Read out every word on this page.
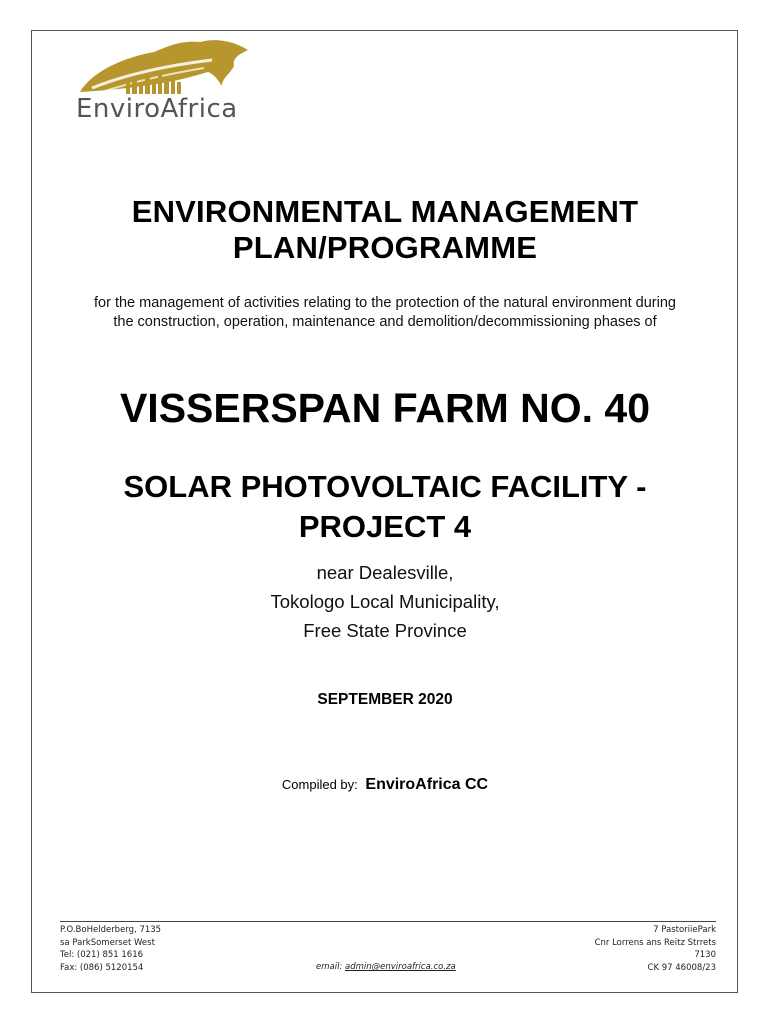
EnviroAfrica
ENVIRONMENTAL MANAGEMENT
PLAN/PROGRAMME
for the management of activities relating to the protection of the natural environment during
the construction, operation, maintenance and demolition/decommissioning phases of
VISSERSPAN FARM NO. 40
SOLAR PHOTOVOLTAIC FACILITY -
PROJECT 4
near Dealesville,
Tokologo Local Municipality,
Free State Province
SEPTEMBER 2020
Compiled by: EnviroAfrica CC
P.O.BoHelderberg, 7135
sa ParkSomerset West
Tel: (021) 851 1616
Fax: (086) 5120154	email: admin@enviroafrica.co.za
7 PastoriiePark
Cnr Lorrens ans Reitz Strrets
7130
CK 97 46008/23
